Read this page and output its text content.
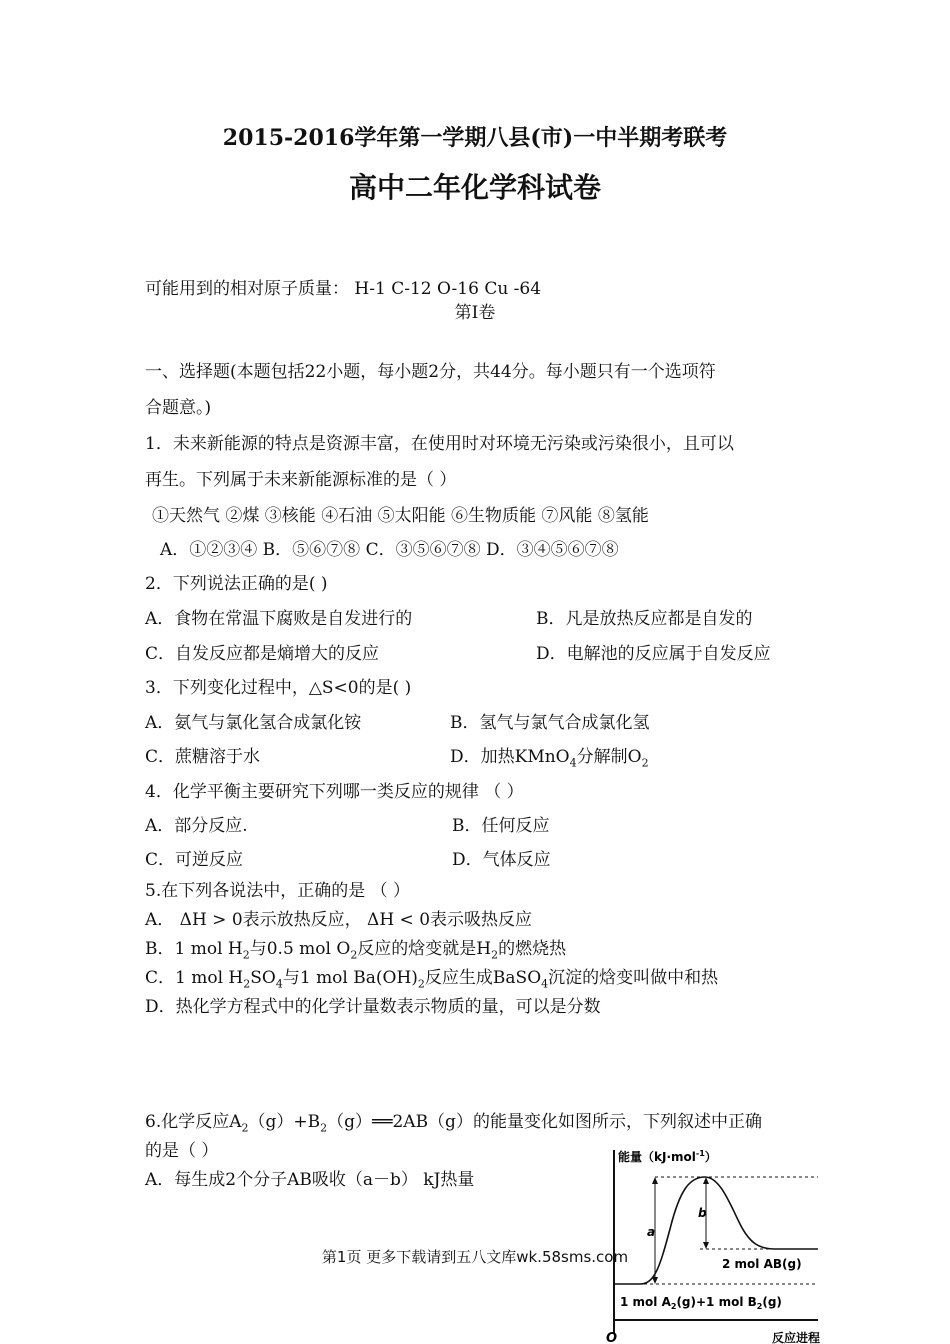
2015-2016学年第一学期八县(市)一中半期考联考
高中二年化学科试卷
可能用到的相对原子质量： H-1 C-12 O-16 Cu -64
第Ⅰ卷
一、选择题(本题包括22小题，每小题2分，共44分。每小题只有一个选项符
合题意。)
1．未来新能源的特点是资源丰富，在使用时对环境无污染或污染很小，且可以
再生。下列属于未来新能源标准的是（ ）
①天然气 ②煤 ③核能 ④石油 ⑤太阳能 ⑥生物质能 ⑦风能 ⑧氢能
A．①②③④ B．⑤⑥⑦⑧ C．③⑤⑥⑦⑧ D．③④⑤⑥⑦⑧
2．下列说法正确的是( )
A．食物在常温下腐败是自发进行的	B．凡是放热反应都是自发的
C．自发反应都是熵增大的反应	D．电解池的反应属于自发反应
3．下列变化过程中，△S<0的是( )
A．氨气与氯化氢合成氯化铵	B．氢气与氯气合成氯化氢
C．蔗糖溶于水	D．加热KMnO$_4$分解制$O_2$
4．化学平衡主要研究下列哪一类反应的规律 （ ）
A．部分反应.	B．任何反应
C．可逆反应	D．气体反应
5.在下列各说法中，正确的是 （ ）
A． ΔH > 0表示放热反应， ΔH < 0表示吸热反应
B．1 mol $H_2$与0.5 mol $O_2$反应的焓变就是$H_2$的燃烧热
C．1 mol $H_2SO_4$与1 mol $Ba(OH)_2$反应生成BaSO$_4$沉淀的焓变叫做中和热
D．热化学方程式中的化学计量数表示物质的量，可以是分数
6.化学反应$A_2(g)+B_2(g)══2AB(g)$的能量变化如图所示，下列叙述中正确
的是（ ）
A．每生成2个分子AB吸收（a－b） kJ热量
能量（kJ·mol$^{-1}$）
a
b
2 mol AB(g)
1 mol $A_2(g)+1$ mol $B_2(g)$
O	反应进程
第1页 更多下载请到五八文库wk.58sms.com
